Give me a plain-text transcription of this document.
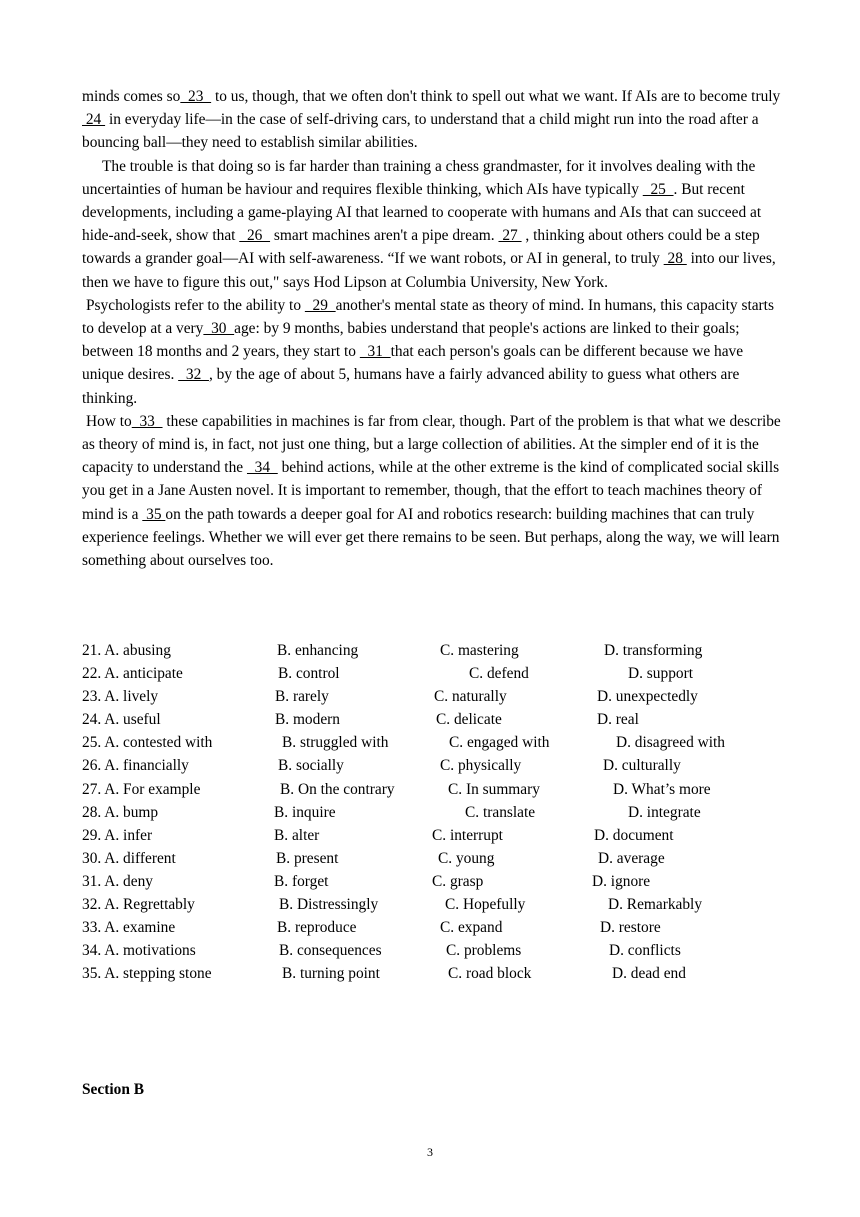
minds comes so  23   to us, though, that we often don't think to spell out what we want. If AIs are to become truly  24  in everyday life—in the case of self-driving cars, to understand that a child might run into the road after a bouncing ball—they need to establish similar abilities.

The trouble is that doing so is far harder than training a chess grandmaster, for it involves dealing with the uncertainties of human be haviour and requires flexible thinking, which AIs have typically   25  . But recent developments, including a game-playing AI that learned to cooperate with humans and AIs that can succeed at hide-and-seek, show that   26   smart machines aren't a pipe dream.  27  , thinking about others could be a step towards a grander goal—AI with self-awareness. “If we want robots, or AI in general, to truly  28  into our lives, then we have to figure this out," says Hod Lipson at Columbia University, New York.

Psychologists refer to the ability to   29  another's mental state as theory of mind. In humans, this capacity starts to develop at a very  30  age: by 9 months, babies understand that people's actions are linked to their goals; between 18 months and 2 years, they start to   31  that each person's goals can be different because we have unique desires.   32  , by the age of about 5, humans have a fairly advanced ability to guess what others are thinking.

How to  33   these capabilities in machines is far from clear, though. Part of the problem is that what we describe as theory of mind is, in fact, not just one thing, but a large collection of abilities. At the simpler end of it is the capacity to understand the   34   behind actions, while at the other extreme is the kind of complicated social skills you get in a Jane Austen novel. It is important to remember, though, that the effort to teach machines theory of mind is a  35 on the path towards a deeper goal for AI and robotics research: building machines that can truly experience feelings. Whether we will ever get there remains to be seen. But perhaps, along the way, we will learn something about ourselves too.

21. A. abusing	B. enhancing	C. mastering	D. transforming
22. A. anticipate	B. control	C. defend	D. support
23. A. lively	B. rarely	C. naturally	D. unexpectedly
24. A. useful	B. modern	C. delicate	D. real
25. A. contested with	B. struggled with	C. engaged with	D. disagreed with
26. A. financially	B. socially	C. physically	D. culturally
27. A. For example	B. On the contrary	C. In summary	D. What’s more
28. A. bump	B. inquire	C. translate	D. integrate
29. A. infer	B. alter	C. interrupt	D. document
30. A. different	B. present	C. young	D. average
31. A. deny	B. forget	C. grasp	D. ignore
32. A. Regrettably	B. Distressingly	C. Hopefully	D. Remarkably
33. A. examine	B. reproduce	C. expand	D. restore
34. A. motivations	B. consequences	C. problems	D. conflicts
35. A. stepping stone	B. turning point	C. road block	D. dead end
Section B
3
